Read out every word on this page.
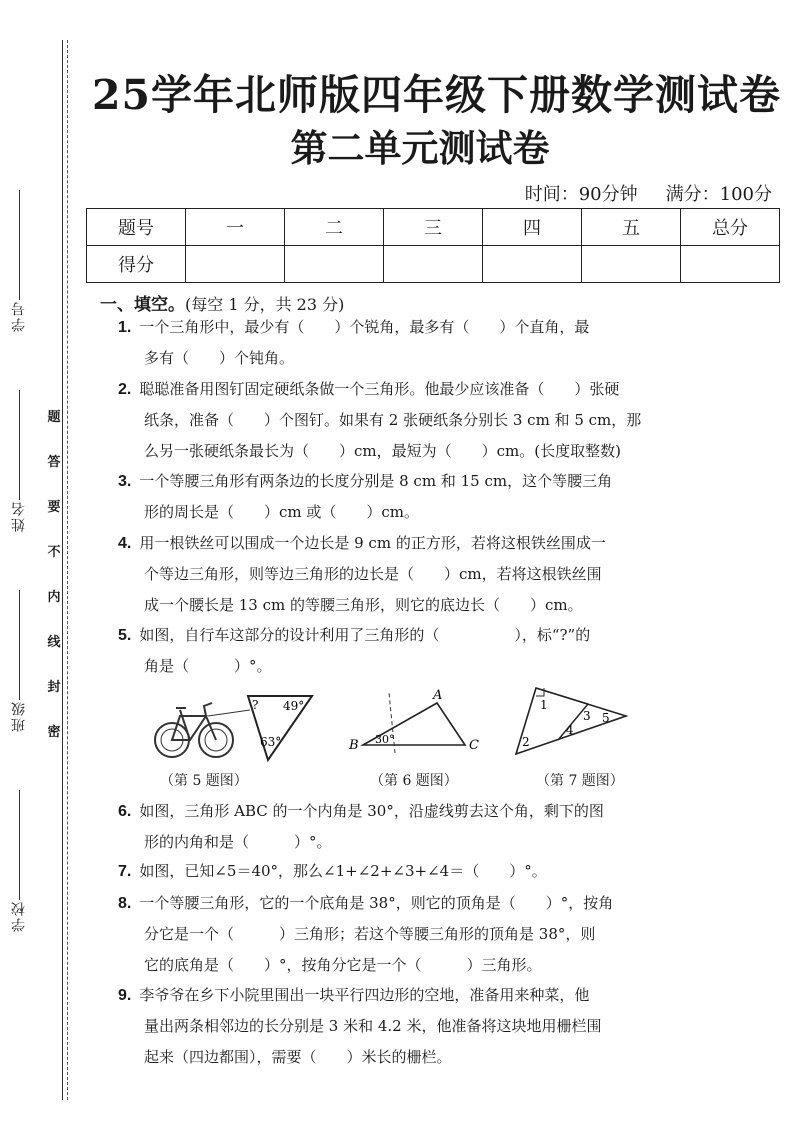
学号
姓名
班级
学校
题
答
要
不
内
线
封
密
25学年北师版四年级下册数学测试卷
第二单元测试卷
时间：90分钟 满分：100分
题号	一	二	三	四	五	总分
得分						
一、填空。(每空 1 分，共 23 分)
1. 一个三角形中，最少有（　　）个锐角，最多有（　　）个直角，最
多有（　　）个钝角。
2. 聪聪准备用图钉固定硬纸条做一个三角形。他最少应该准备（　　）张硬
纸条，准备（　　）个图钉。如果有 2 张硬纸条分别长 3 cm 和 5 cm，那
么另一张硬纸条最长为（　　）cm，最短为（　　）cm。(长度取整数)
3. 一个等腰三角形有两条边的长度分别是 8 cm 和 15 cm，这个等腰三角
形的周长是（　　）cm 或（　　）cm。
4. 用一根铁丝可以围成一个边长是 9 cm 的正方形，若将这根铁丝围成一
个等边三角形，则等边三角形的边长是（　　）cm，若将这根铁丝围
成一个腰长是 13 cm 的等腰三角形，则它的底边长（　　）cm。
5. 如图，自行车这部分的设计利用了三角形的（　　　　　），标“?”的
角是（　　　）°。
? 49°
63°
（第 5 题图）
A
B	C
30°
（第 6 题图）
1
2
3
4
5
（第 7 题图）
6. 如图，三角形 ABC 的一个内角是 30°，沿虚线剪去这个角，剩下的图
形的内角和是（　　　）°。
7. 如图，已知∠5＝40°，那么∠1+∠2+∠3+∠4＝（　　）°。
8. 一个等腰三角形，它的一个底角是 38°，则它的顶角是（　　）°，按角
分它是一个（　　　）三角形；若这个等腰三角形的顶角是 38°，则
它的底角是（　　）°，按角分它是一个（　　　）三角形。
9. 李爷爷在乡下小院里围出一块平行四边形的空地，准备用来种菜，他
量出两条相邻边的长分别是 3 米和 4.2 米，他准备将这块地用栅栏围
起来（四边都围），需要（　　）米长的栅栏。
